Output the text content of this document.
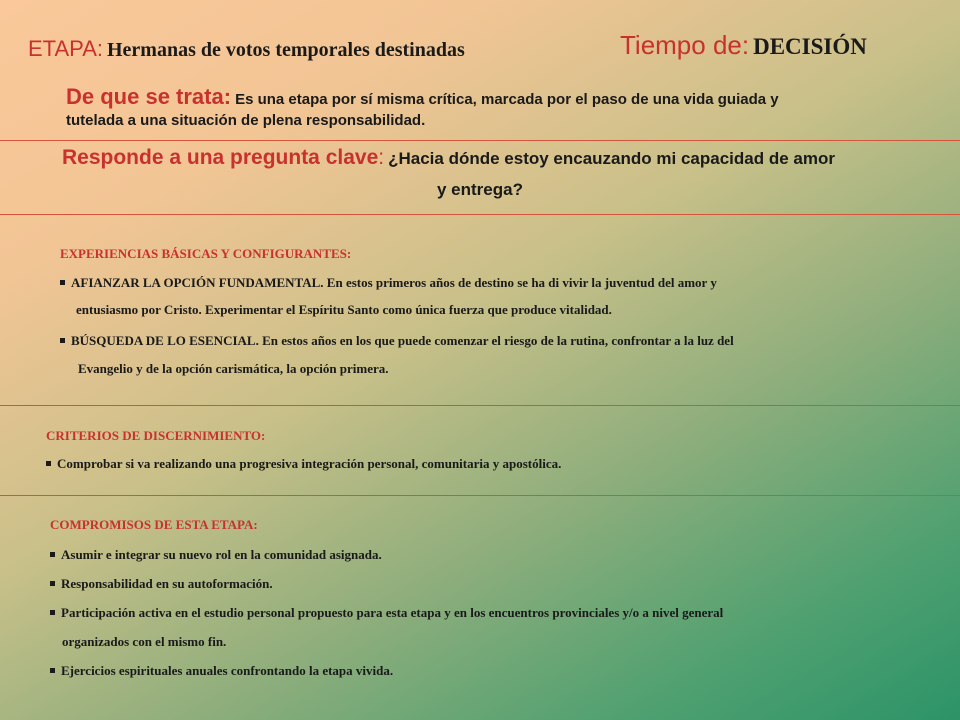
ETAPA: Hermanas de votos temporales destinadas	Tiempo de: DECISIÓN
De que se trata: Es una etapa por sí misma crítica, marcada por el paso de una vida guiada y
tutelada a una situación de plena responsabilidad.
Responde a una pregunta clave: ¿Hacia dónde estoy encauzando mi capacidad de amor
y entrega?
EXPERIENCIAS BÁSICAS Y CONFIGURANTES:
AFIANZAR LA OPCIÓN FUNDAMENTAL. En estos primeros años de destino se ha di vivir la juventud del amor y
entusiasmo por Cristo. Experimentar el Espíritu Santo como única fuerza que produce vitalidad.
BÚSQUEDA DE LO ESENCIAL. En estos años en los que puede comenzar el riesgo de la rutina, confrontar a la luz del
Evangelio y de la opción carismática, la opción primera.
CRITERIOS DE DISCERNIMIENTO:
Comprobar si va realizando una progresiva integración personal, comunitaria y apostólica.
COMPROMISOS DE ESTA ETAPA:
Asumir e integrar su nuevo rol en la comunidad asignada.
Responsabilidad en su autoformación.
Participación activa en el estudio personal propuesto para esta etapa y en los encuentros provinciales y/o a nivel general
organizados con el mismo fin.
Ejercicios espirituales anuales confrontando la etapa vivida.
